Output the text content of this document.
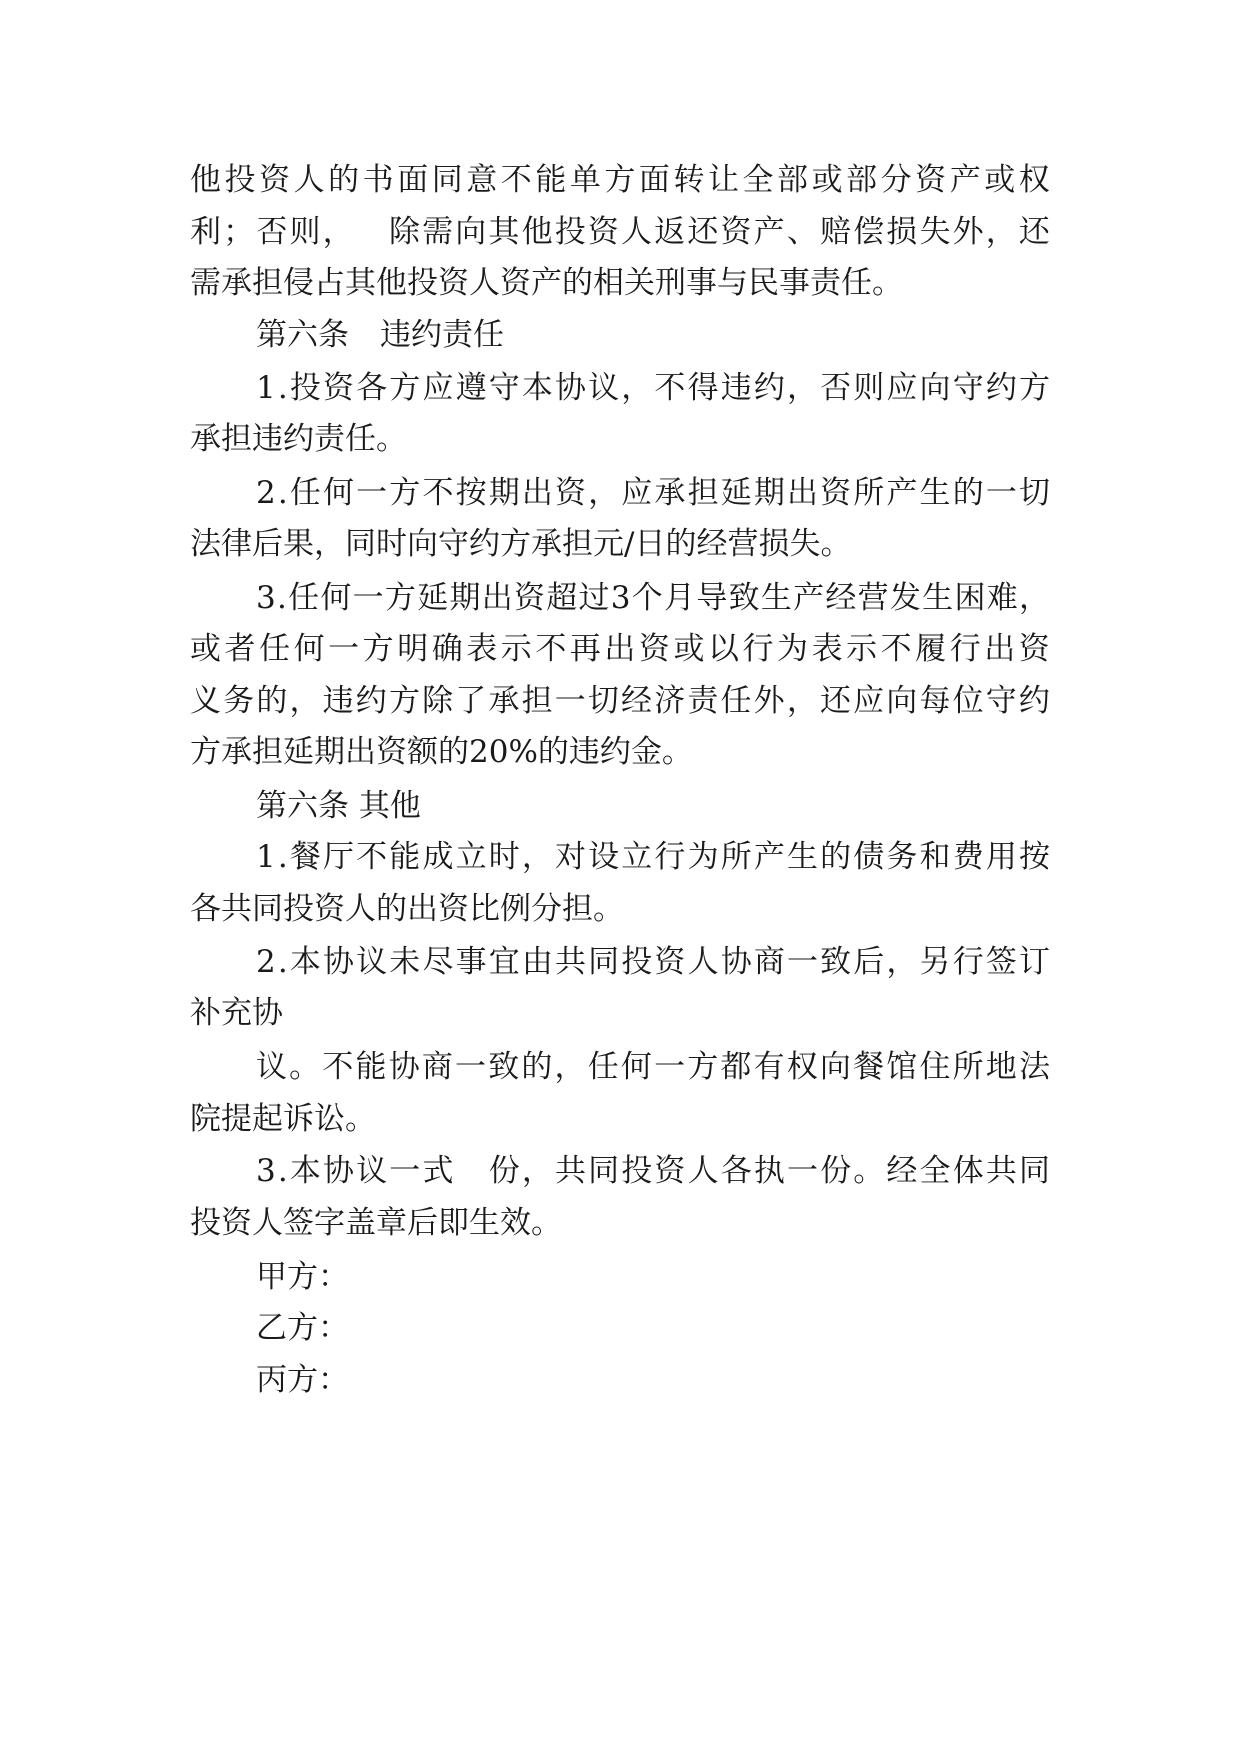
他 投 资 人 的 书 面 同 意 不 能 单 方 面 转 让 全 部 或 部 分 资 产 或 权
利 ； 否 则 ，
　 除 需 向 其 他 投 资 人 返 还 资 产 、 赔 偿 损 失 外 ， 还
需承担侵占其他投资人资产的相关刑事与民事责任。
第六条　违约责任
1 . 投 资 各 方 应 遵 守 本 协 议 ， 不 得 违 约 ， 否 则 应 向 守 约 方
承担违约责任。
2 . 任 何 一 方 不 按 期 出 资 ， 应 承 担 延 期 出 资 所 产 生 的 一 切
法律后果，同时向守约方承担元/日的经营损失。
3 . 任 何 一 方 延 期 出 资 超 过 3 个 月 导 致 生 产 经 营 发 生 困 难 ，
或 者 任 何 一 方 明 确 表 示 不 再 出 资 或 以 行 为 表 示 不 履 行 出 资
义 务 的 ， 违 约 方 除 了 承 担 一 切 经 济 责 任 外 ， 还 应 向 每 位 守 约
方承担延期出资额的20%的违约金。
第六条 其他
1 . 餐 厅 不 能 成 立 时 ， 对 设 立 行 为 所 产 生 的 债 务 和 费 用 按
各共同投资人的出资比例分担。
2 . 本 协 议 未 尽 事 宜 由 共 同 投 资 人 协 商 一 致 后 ， 另 行 签 订
补充协
议 。 不 能 协 商 一 致 的 ， 任 何 一 方 都 有 权 向 餐 馆 住 所 地 法
院提起诉讼。
3 . 本 协 议 一 式
　 份 ， 共 同 投 资 人 各 执 一 份 。 经 全 体 共 同
投资人签字盖章后即生效。
甲方：
乙方：
丙方：
